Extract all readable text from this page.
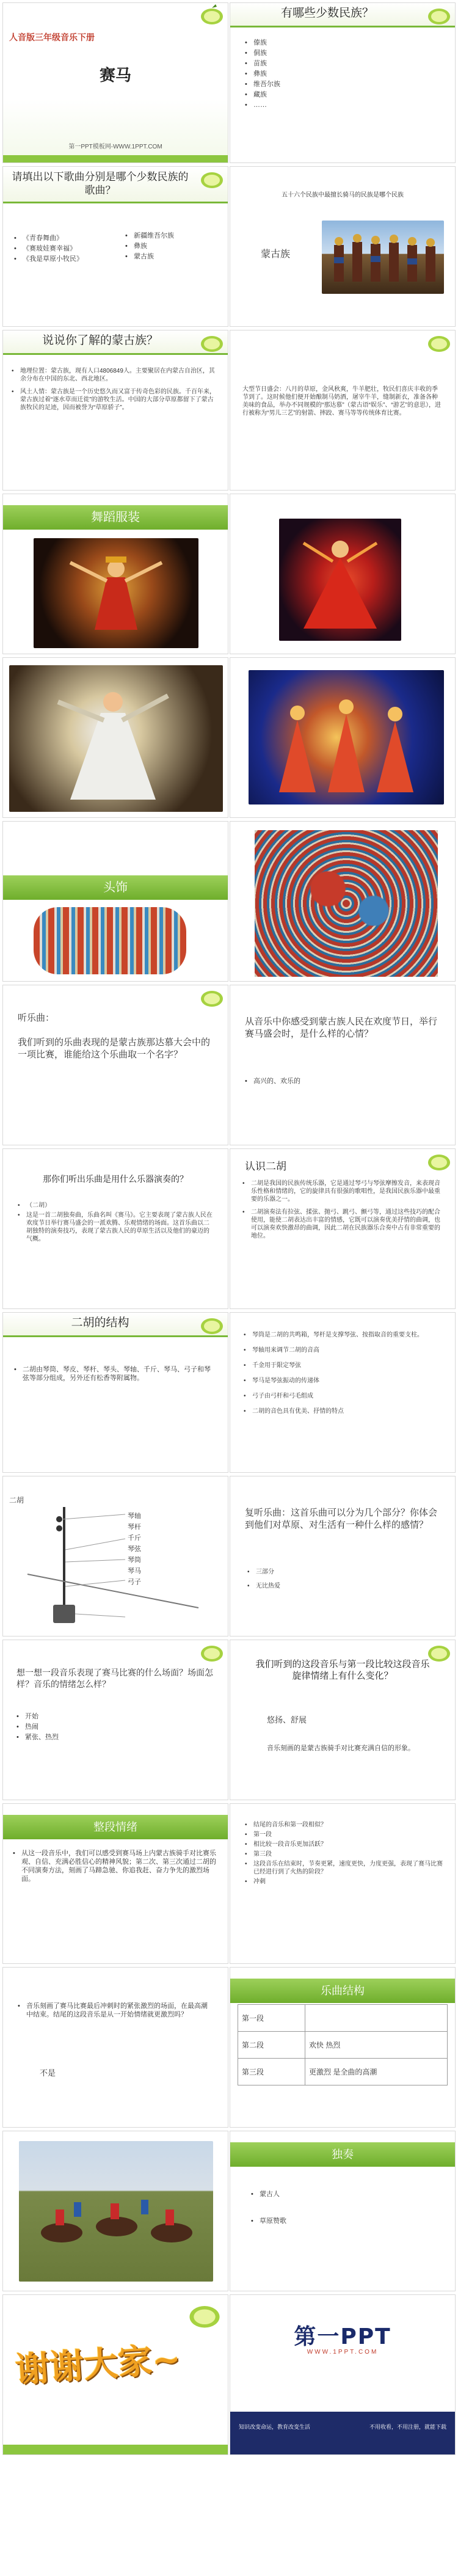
人音版三年级音乐下册
赛马
第一PPT模板网-WWW.1PPT.COM
有哪些少数民族？
• 傣族
• 侗族
• 苗族
• 彝族
• 维吾尔族
• 藏族
• ……
请填出以下歌曲分别是哪个少数民族的歌曲？
• 《青春舞曲》
• 《赛玻娃赛幸福》
• 《我是草原小牧民》
• 新疆维吾尔族
• 彝族
• 蒙古族
五十六个民族中最擅长骑马的民族是哪个民族
蒙古族
说说你了解的蒙古族？
• 地理位置：蒙古族，现有人口4806849人。主要聚居在内蒙古自治区，其余分布在中国的东北、西北地区。
• 风土人情：蒙古族是一个历史悠久而又富于传奇色彩的民族。千百年来，蒙古族过着“逐水草而迁徙”的游牧生活。中国的大部分草原都留下了蒙古族牧民的足迹，因而被誉为“草原骄子”。
大型节日盛会：八月的草原，金风秋爽，牛羊肥壮，牧民们喜庆丰收的季节到了。这时候他们便开始酿制马奶酒，屠宰牛羊，缝制新衣，准备各种美味的食品，举办不同规模的“那达慕”（蒙古语“娱乐”、“游艺”的意思），进行被称为“男儿三艺”的射箭、摔跤、赛马等等传统体育比赛。
舞蹈服装
头饰
听乐曲：
我们听到的乐曲表现的是蒙古族那达慕大会中的一项比赛，谁能给这个乐曲取一个名字？
从音乐中你感受到蒙古族人民在欢度节日，举行赛马盛会时，是什么样的心情？
• 高兴的、欢乐的
那你们听出乐曲是用什么乐器演奏的？
• （二胡）
• 这是一首二胡独奏曲，乐曲名叫《赛马》。它主要表现了蒙古族人民在欢度节日举行赛马盛会的一派欢腾、乐观情绪的场面。这首乐曲以二胡独特的演奏技巧，表现了蒙古族人民的草原生活以及他们的豪迈的气概。
认识二胡
• 二胡是我国的民族传统乐器，它是通过琴弓与琴弦摩擦发音，来表现音乐性格和情绪的，它的旋律具有很强的歌唱性，是我国民族乐器中最重要的乐器之一。
• 二胡演奏法有拉弦、揉弦、抛弓、跳弓、颤弓等，通过这些技巧的配合使用，能使二胡表达出丰富的情感，它既可以演奏优美抒情的曲调，也可以演奏欢快激昂的曲调，因此二胡在民族器乐合奏中占有非常重要的地位。
二胡的结构
• 二胡由琴筒、琴皮、琴杆、琴头、琴轴、千斤、琴马、弓子和琴弦等部分组成，另外还有松香等附属物。
• 琴筒是二胡的共鸣箱，琴杆是支撑琴弦、按指取音的重要支柱。
• 琴轴用来调节二胡的音高
• 千金用于限定琴弦
• 琴马是琴弦振动的传递体
• 弓子由弓杆和弓毛组成
• 二胡的音色具有优美、抒情的特点
二胡
琴轴
琴杆
千斤
琴弦
琴筒
琴马
弓子
复听乐曲：这首乐曲可以分为几个部分？你体会到他们对草原、对生活有一种什么样的感情？
• 三部分
• 无比热爱
想一想一段音乐表现了赛马比赛的什么场面？场面怎样？音乐的情绪怎么样？
• 开始
• 热闹
• 紧张、热烈
我们听到的这段音乐与第一段比较这段音乐旋律情绪上有什么变化？
悠扬、舒展
音乐刻画的是蒙古族骑手对比赛充满自信的形象。
整段情绪
• 从这一段音乐中，我们可以感受到赛马场上内蒙古族骑手对比赛乐观、自信、充满必胜信心的精神风貌；第二次、第三次通过二胡的不同演奏方法，刻画了马蹄急驰、你追我赶、奋力争先的激烈场面。
• 结尾的音乐和第一段相似？
• 第一段
• 相比较一段音乐更加活跃？
• 第三段
• 这段音乐在结束时，节奏更紧，速度更快，力度更强，表现了赛马比赛已经进行到了火热的阶段？
• 冲刺
• 音乐刻画了赛马比赛最后冲刺时的紧张激烈的场面，在最高潮中结束。结尾的这段音乐是从一开始情绪就更激烈吗？
不是
乐曲结构
第一段	
第二段	欢快 热烈
第三段	更激烈 是全曲的高潮
独奏
• 蒙古人
• 草原赞歌
谢谢大家~
第一PPT
WWW.1PPT.COM
知识改变命运，教育改变生活	不用收看，不用注册，就能下载
